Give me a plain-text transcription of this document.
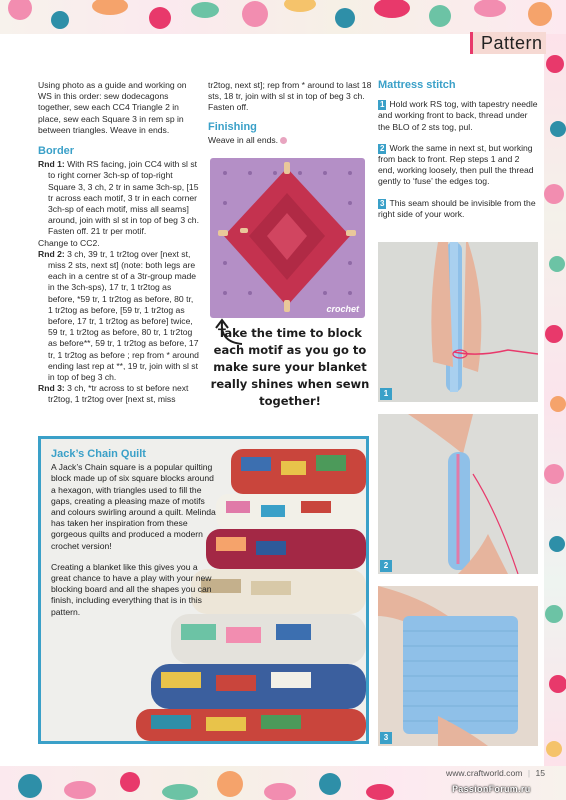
Pattern

Using photo as a guide and working on WS in this order: sew dodecagons together, sew each CC4 Triangle 2 in place, sew each Square 3 in rem sp in between triangles. Weave in ends.

Border

Rnd 1: With RS facing, join CC4 with sl st to right corner 3ch-sp of top-right Square 3, 3 ch, 2 tr in same 3ch-sp, [15 tr across each motif, 3 tr in each corner 3ch-sp of each motif, miss all seams] around, join with sl st in top of beg 3 ch. Fasten off. 21 tr per motif.

Change to CC2.

Rnd 2: 3 ch, 39 tr, 1 tr2tog over [next st, miss 2 sts, next st] (note: both legs are each in a centre st of a 3tr-group made in the 3ch-sps), 17 tr, 1 tr2tog as before, *59 tr, 1 tr2tog as before, 80 tr, 1 tr2tog as before, [59 tr, 1 tr2tog as before, 17 tr, 1 tr2tog as before] twice, 59 tr, 1 tr2tog as before, 80 tr, 1 tr2tog as before**, 59 tr, 1 tr2tog as before, 17 tr, 1 tr2tog as before ; rep from * around ending last rep at **, 19 tr, join with sl st in top of beg 3 ch.

Rnd 3: 3 ch, *tr across to st before next tr2tog, 1 tr2tog over [next st, miss

tr2tog, next st]; rep from * around to last 18 sts, 18 tr, join with sl st in top of beg 3 ch. Fasten off.

Finishing

Weave in all ends.

crochet
Take the time to block each motif as you go to make sure your blanket really shines when sewn together!
Mattress stitch

1 Hold work RS tog, with tapestry needle and working front to back, thread under the BLO of 2 sts tog, pul.

2 Work the same in next st, but working from back to front. Rep steps 1 and 2 end, working loosely, then pull the thread gently to ‘fuse’ the edges tog.

3 This seam should be invisible from the right side of your work.

1
2
3
Jack’s Chain Quilt

A Jack’s Chain square is a popular quilting block made up of six square blocks around a hexagon, with triangles used to fill the gaps, creating a pleasing maze of motifs and colours swirling around a quilt. Melinda has taken her inspiration from these gorgeous quilts and produced a modern crochet version!

Creating a blanket like this gives you a great chance to have a play with your new blocking board and all the shapes you can finish, including everything that is in this pattern.

www.craftworld.com | 15
PassionForum.ru
